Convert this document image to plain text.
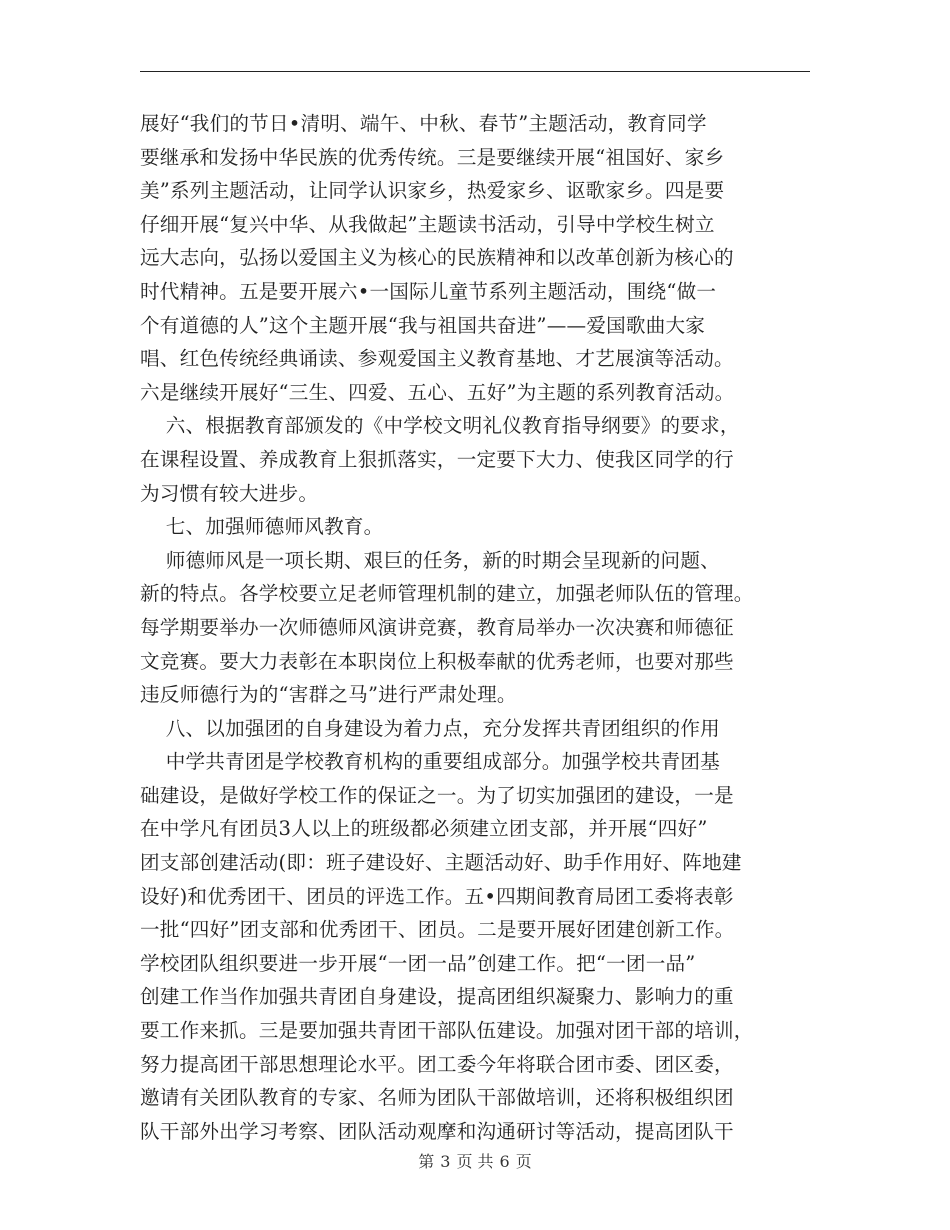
展好“我们的节日•清明、端午、中秋、春节”主题活动，教育同学
要继承和发扬中华民族的优秀传统。三是要继续开展“祖国好、家乡
美”系列主题活动，让同学认识家乡，热爱家乡、讴歌家乡。四是要
仔细开展“复兴中华、从我做起”主题读书活动，引导中学校生树立
远大志向，弘扬以爱国主义为核心的民族精神和以改革创新为核心的
时代精神。五是要开展六•一国际儿童节系列主题活动，围绕“做一
个有道德的人”这个主题开展“我与祖国共奋进”——爱国歌曲大家
唱、红色传统经典诵读、参观爱国主义教育基地、才艺展演等活动。
六是继续开展好“三生、四爱、五心、五好”为主题的系列教育活动。
六、根据教育部颁发的《中学校文明礼仪教育指导纲要》的要求，
在课程设置、养成教育上狠抓落实，一定要下大力、使我区同学的行
为习惯有较大进步。
七、加强师德师风教育。
师德师风是一项长期、艰巨的任务，新的时期会呈现新的问题、
新的特点。各学校要立足老师管理机制的建立，加强老师队伍的管理。
每学期要举办一次师德师风演讲竞赛，教育局举办一次决赛和师德征
文竞赛。要大力表彰在本职岗位上积极奉献的优秀老师，也要对那些
违反师德行为的“害群之马”进行严肃处理。
八、以加强团的自身建设为着力点，充分发挥共青团组织的作用
中学共青团是学校教育机构的重要组成部分。加强学校共青团基
础建设，是做好学校工作的保证之一。为了切实加强团的建设，一是
在中学凡有团员3人以上的班级都必须建立团支部，并开展“四好”
团支部创建活动(即：班子建设好、主题活动好、助手作用好、阵地建
设好)和优秀团干、团员的评选工作。五•四期间教育局团工委将表彰
一批“四好”团支部和优秀团干、团员。二是要开展好团建创新工作。
学校团队组织要进一步开展“一团一品”创建工作。把“一团一品”
创建工作当作加强共青团自身建设，提高团组织凝聚力、影响力的重
要工作来抓。三是要加强共青团干部队伍建设。加强对团干部的培训，
努力提高团干部思想理论水平。团工委今年将联合团市委、团区委，
邀请有关团队教育的专家、名师为团队干部做培训，还将积极组织团
队干部外出学习考察、团队活动观摩和沟通研讨等活动，提高团队干
第 3 页 共 6 页
